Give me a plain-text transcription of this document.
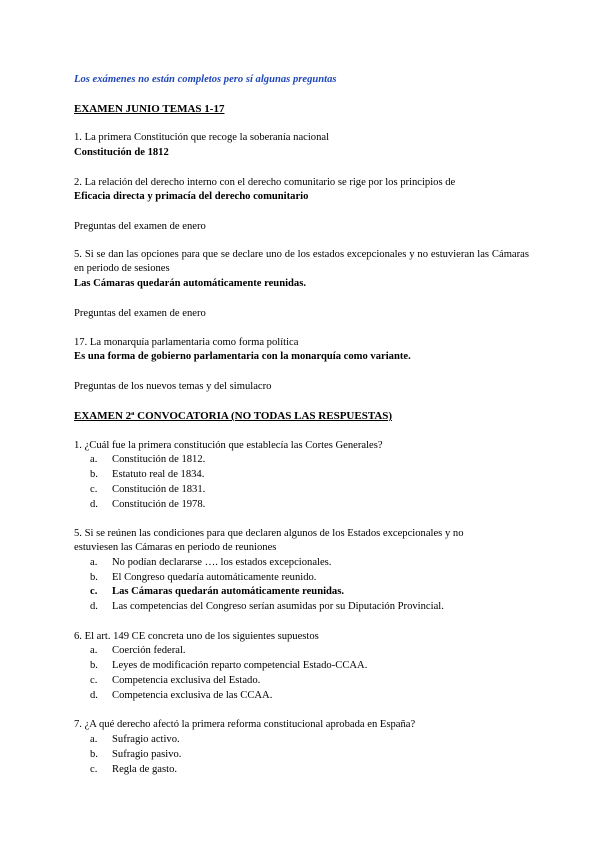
Los exámenes no están completos pero sí algunas preguntas
EXAMEN JUNIO TEMAS 1-17
1. La primera Constitución que recoge la soberanía nacional
Constitución de 1812
2. La relación del derecho interno con el derecho comunitario se rige por los principios de
Eficacia directa y primacía del derecho comunitario
Preguntas del examen de enero
5. Si se dan las opciones para que se declare uno de los estados excepcionales y no estuvieran las Cámaras en periodo de sesiones
Las Cámaras quedarán automáticamente reunidas.
Preguntas del examen de enero
17. La monarquía parlamentaria como forma política
Es una forma de gobierno parlamentaria con la monarquía como variante.
Preguntas de los nuevos temas y del simulacro
EXAMEN 2ª CONVOCATORIA (NO TODAS LAS RESPUESTAS)
1. ¿Cuál fue la primera constitución que establecía las Cortes Generales?
a.	Constitución de 1812.
b.	Estatuto real de 1834.
c.	Constitución de 1831.
d.	Constitución de 1978.
5. Si se reúnen las condiciones para que declaren algunos de los Estados excepcionales y no estuviesen las Cámaras en periodo de reuniones
a.	No podían declararse …. los estados excepcionales.
b.	El Congreso quedaría automáticamente reunido.
c.	Las Cámaras quedarán automáticamente reunidas.
d.	Las competencias del Congreso serían asumidas por su Diputación Provincial.
6. El art. 149 CE concreta uno de los siguientes supuestos
a.	Coerción federal.
b.	Leyes de modificación reparto competencial Estado-CCAA.
c.	Competencia exclusiva del Estado.
d.	Competencia exclusiva de las CCAA.
7. ¿A qué derecho afectó la primera reforma constitucional aprobada en España?
a.	Sufragio activo.
b.	Sufragio pasivo.
c.	Regla de gasto.
